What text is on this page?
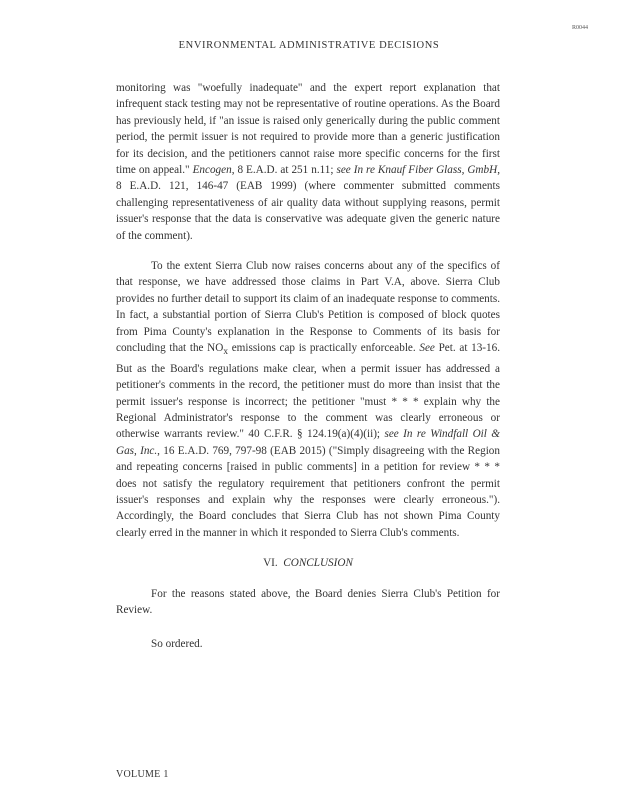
R0044
ENVIRONMENTAL ADMINISTRATIVE DECISIONS

monitoring was "woefully inadequate" and the expert report explanation that infrequent stack testing may not be representative of routine operations. As the Board has previously held, if "an issue is raised only generically during the public comment period, the permit issuer is not required to provide more than a generic justification for its decision, and the petitioners cannot raise more specific concerns for the first time on appeal." Encogen, 8 E.A.D. at 251 n.11; see In re Knauf Fiber Glass, GmbH, 8 E.A.D. 121, 146-47 (EAB 1999) (where commenter submitted comments challenging representativeness of air quality data without supplying reasons, permit issuer's response that the data is conservative was adequate given the generic nature of the comment).

To the extent Sierra Club now raises concerns about any of the specifics of that response, we have addressed those claims in Part V.A, above. Sierra Club provides no further detail to support its claim of an inadequate response to comments. In fact, a substantial portion of Sierra Club's Petition is composed of block quotes from Pima County's explanation in the Response to Comments of its basis for concluding that the $NO_x$ emissions cap is practically enforceable. See Pet. at 13-16. But as the Board's regulations make clear, when a permit issuer has addressed a petitioner's comments in the record, the petitioner must do more than insist that the permit issuer's response is incorrect; the petitioner "must * * * explain why the Regional Administrator's response to the comment was clearly erroneous or otherwise warrants review." 40 C.F.R. § 124.19(a)(4)(ii); see In re Windfall Oil & Gas, Inc., 16 E.A.D. 769, 797-98 (EAB 2015) ("Simply disagreeing with the Region and repeating concerns [raised in public comments] in a petition for review * * * does not satisfy the regulatory requirement that petitioners confront the permit issuer's responses and explain why the responses were clearly erroneous."). Accordingly, the Board concludes that Sierra Club has not shown Pima County clearly erred in the manner in which it responded to Sierra Club's comments.

VI. CONCLUSION

For the reasons stated above, the Board denies Sierra Club's Petition for Review.

So ordered.

VOLUME 1
